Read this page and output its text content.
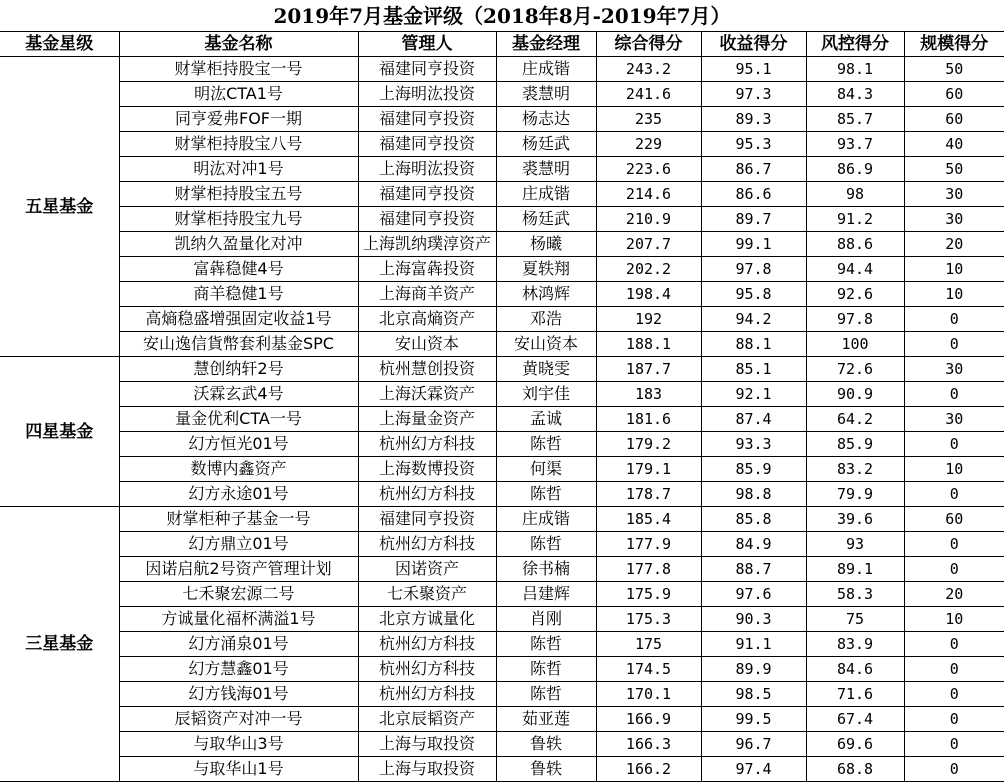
2019年7月基金评级（2018年8月-2019年7月）
基金星级	基金名称	管理人	基金经理	综合得分	收益得分	风控得分	规模得分
五星基金	财掌柜持股宝一号	福建同亨投资	庄成锴	243.2	95.1	98.1	50
	明汯CTA1号	上海明汯投资	裘慧明	241.6	97.3	84.3	60
	同亨爱弗FOF一期	福建同亨投资	杨志达	235	89.3	85.7	60
	财掌柜持股宝八号	福建同亨投资	杨廷武	229	95.3	93.7	40
	明汯对冲1号	上海明汯投资	裘慧明	223.6	86.7	86.9	50
	财掌柜持股宝五号	福建同亨投资	庄成锴	214.6	86.6	98	30
	财掌柜持股宝九号	福建同亨投资	杨廷武	210.9	89.7	91.2	30
	凯纳久盈量化对冲	上海凯纳璞淳资产	杨曦	207.7	99.1	88.6	20
	富犇稳健4号	上海富犇投资	夏轶翔	202.2	97.8	94.4	10
	商羊稳健1号	上海商羊资产	林鸿辉	198.4	95.8	92.6	10
	高熵稳盛增强固定收益1号	北京高熵资产	邓浩	192	94.2	97.8	0
	安山逸信貨幣套利基金SPC	安山资本	安山资本	188.1	88.1	100	0
四星基金	慧创纳轩2号	杭州慧创投资	黄晓雯	187.7	85.1	72.6	30
	沃霖玄武4号	上海沃霖资产	刘宇佳	183	92.1	90.9	0
	量金优利CTA一号	上海量金资产	孟诚	181.6	87.4	64.2	30
	幻方恒光01号	杭州幻方科技	陈哲	179.2	93.3	85.9	0
	数博内鑫资产	上海数博投资	何渠	179.1	85.9	83.2	10
	幻方永途01号	杭州幻方科技	陈哲	178.7	98.8	79.9	0
三星基金	财掌柜种子基金一号	福建同亨投资	庄成锴	185.4	85.8	39.6	60
	幻方鼎立01号	杭州幻方科技	陈哲	177.9	84.9	93	0
	因诺启航2号资产管理计划	因诺资产	徐书楠	177.8	88.7	89.1	0
	七禾聚宏源二号	七禾聚资产	吕建辉	175.9	97.6	58.3	20
	方诚量化福杯满溢1号	北京方诚量化	肖刚	175.3	90.3	75	10
	幻方涌泉01号	杭州幻方科技	陈哲	175	91.1	83.9	0
	幻方慧鑫01号	杭州幻方科技	陈哲	174.5	89.9	84.6	0
	幻方钱海01号	杭州幻方科技	陈哲	170.1	98.5	71.6	0
	辰韬资产对冲一号	北京辰韬资产	茹亚莲	166.9	99.5	67.4	0
	与取华山3号	上海与取投资	鲁轶	166.3	96.7	69.6	0
	与取华山1号	上海与取投资	鲁轶	166.2	97.4	68.8	0
